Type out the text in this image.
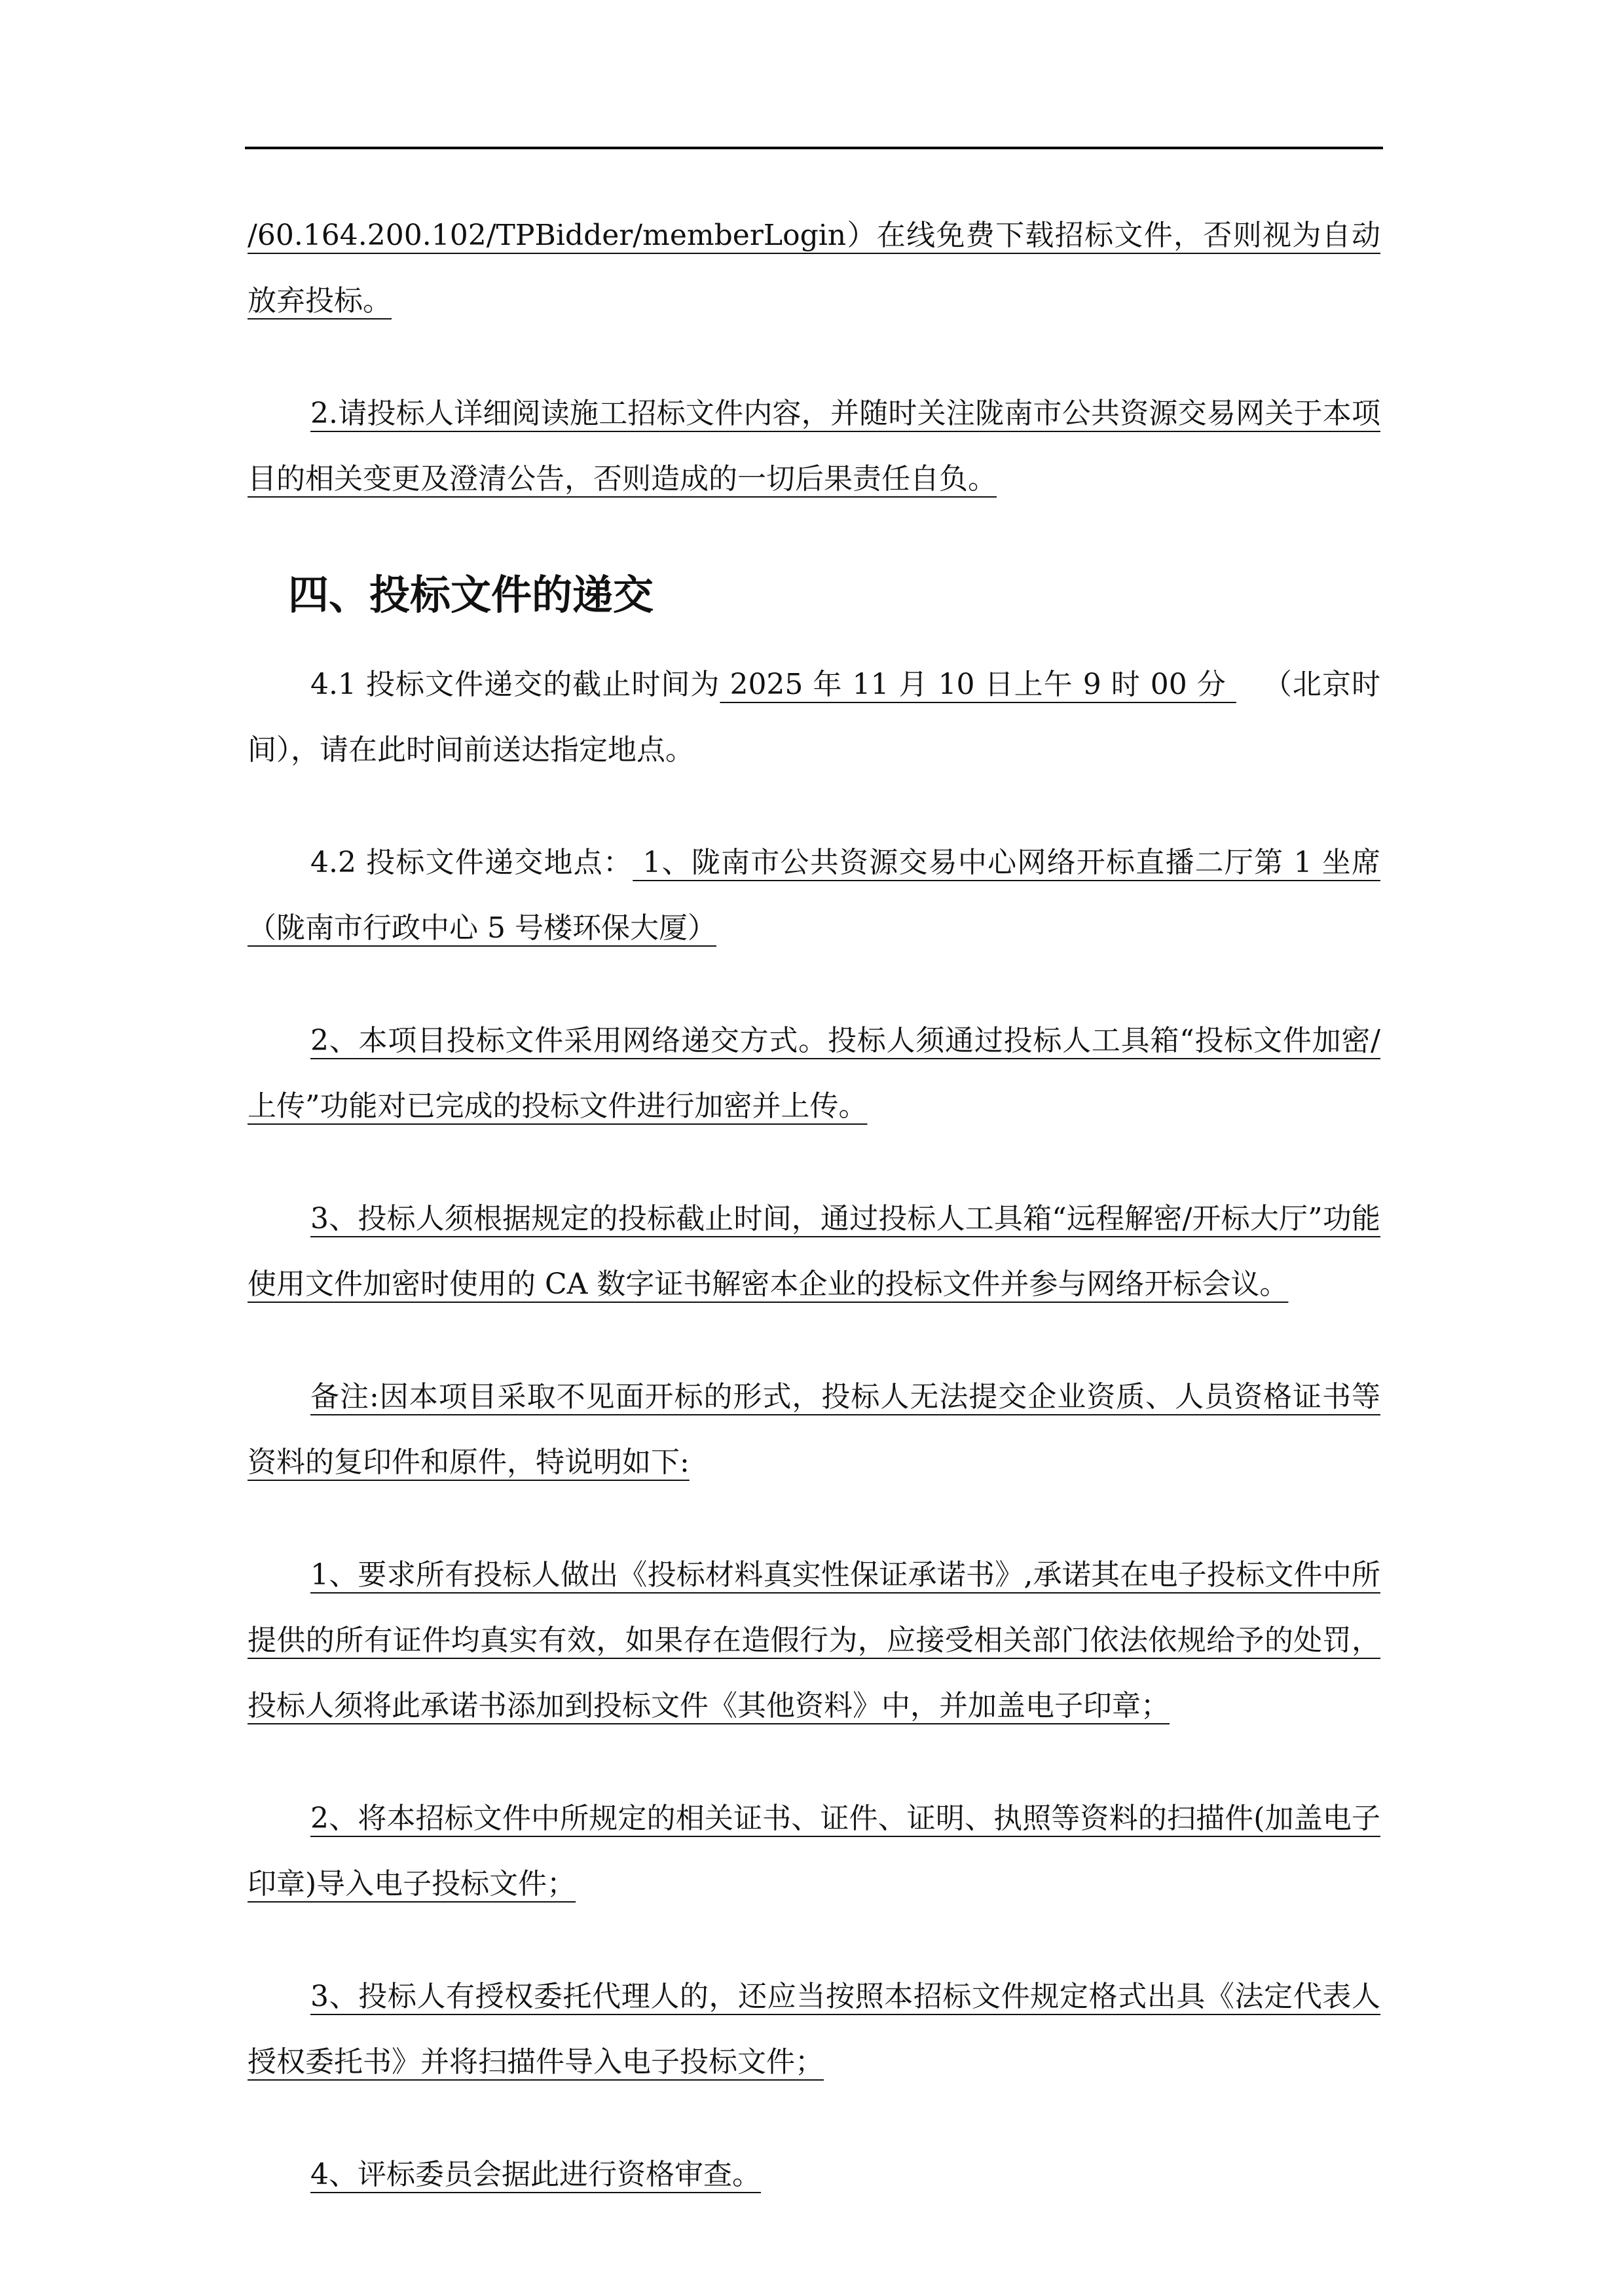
/60.164.200.102/TPBidder/memberLogin）在线免费下载招标文件，否则视为自动放弃投标。

2.请投标人详细阅读施工招标文件内容，并随时关注陇南市公共资源交易网关于本项目的相关变更及澄清公告，否则造成的一切后果责任自负。

四、投标文件的递交

4.1 投标文件递交的截止时间为 2025 年 11 月 10 日上午 9 时 00 分 （北京时间），请在此时间前送达指定地点。

4.2 投标文件递交地点： 1、陇南市公共资源交易中心网络开标直播二厅第 1 坐席（陇南市行政中心 5 号楼环保大厦）

2、本项目投标文件采用网络递交方式。投标人须通过投标人工具箱“投标文件加密/上传”功能对已完成的投标文件进行加密并上传。

3、投标人须根据规定的投标截止时间，通过投标人工具箱“远程解密/开标大厅”功能使用文件加密时使用的 CA 数字证书解密本企业的投标文件并参与网络开标会议。

备注:因本项目采取不见面开标的形式，投标人无法提交企业资质、人员资格证书等资料的复印件和原件，特说明如下:

1、要求所有投标人做出《投标材料真实性保证承诺书》,承诺其在电子投标文件中所提供的所有证件均真实有效，如果存在造假行为，应接受相关部门依法依规给予的处罚，投标人须将此承诺书添加到投标文件《其他资料》中，并加盖电子印章；

2、将本招标文件中所规定的相关证书、证件、证明、执照等资料的扫描件(加盖电子印章)导入电子投标文件；

3、投标人有授权委托代理人的，还应当按照本招标文件规定格式出具《法定代表人授权委托书》并将扫描件导入电子投标文件；

4、评标委员会据此进行资格审查。
